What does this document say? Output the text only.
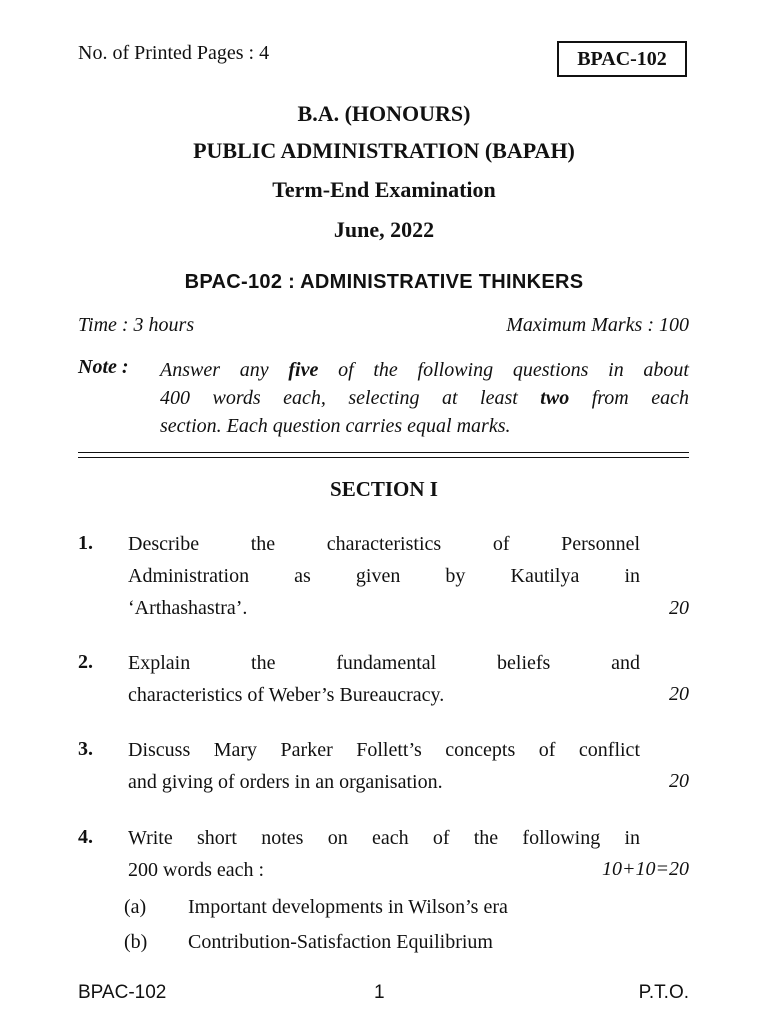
No. of Printed Pages : 4	BPAC-102
B.A. (HONOURS)
PUBLIC ADMINISTRATION (BAPAH)
Term-End Examination
June, 2022
BPAC-102 : ADMINISTRATIVE THINKERS
Time : 3 hours	Maximum Marks : 100
Note : Answer any five of the following questions in about
400 words each, selecting at least two from each
section. Each question carries equal marks.
SECTION I
1. Describe the characteristics of Personnel
Administration as given by Kautilya in
‘Arthashastra’.	20
2. Explain the fundamental beliefs and
characteristics of Weber’s Bureaucracy.	20
3. Discuss Mary Parker Follett’s concepts of conflict
and giving of orders in an organisation.	20
4. Write short notes on each of the following in
200 words each :	10+10=20
(a) Important developments in Wilson’s era
(b) Contribution-Satisfaction Equilibrium
BPAC-102	1	P.T.O.
